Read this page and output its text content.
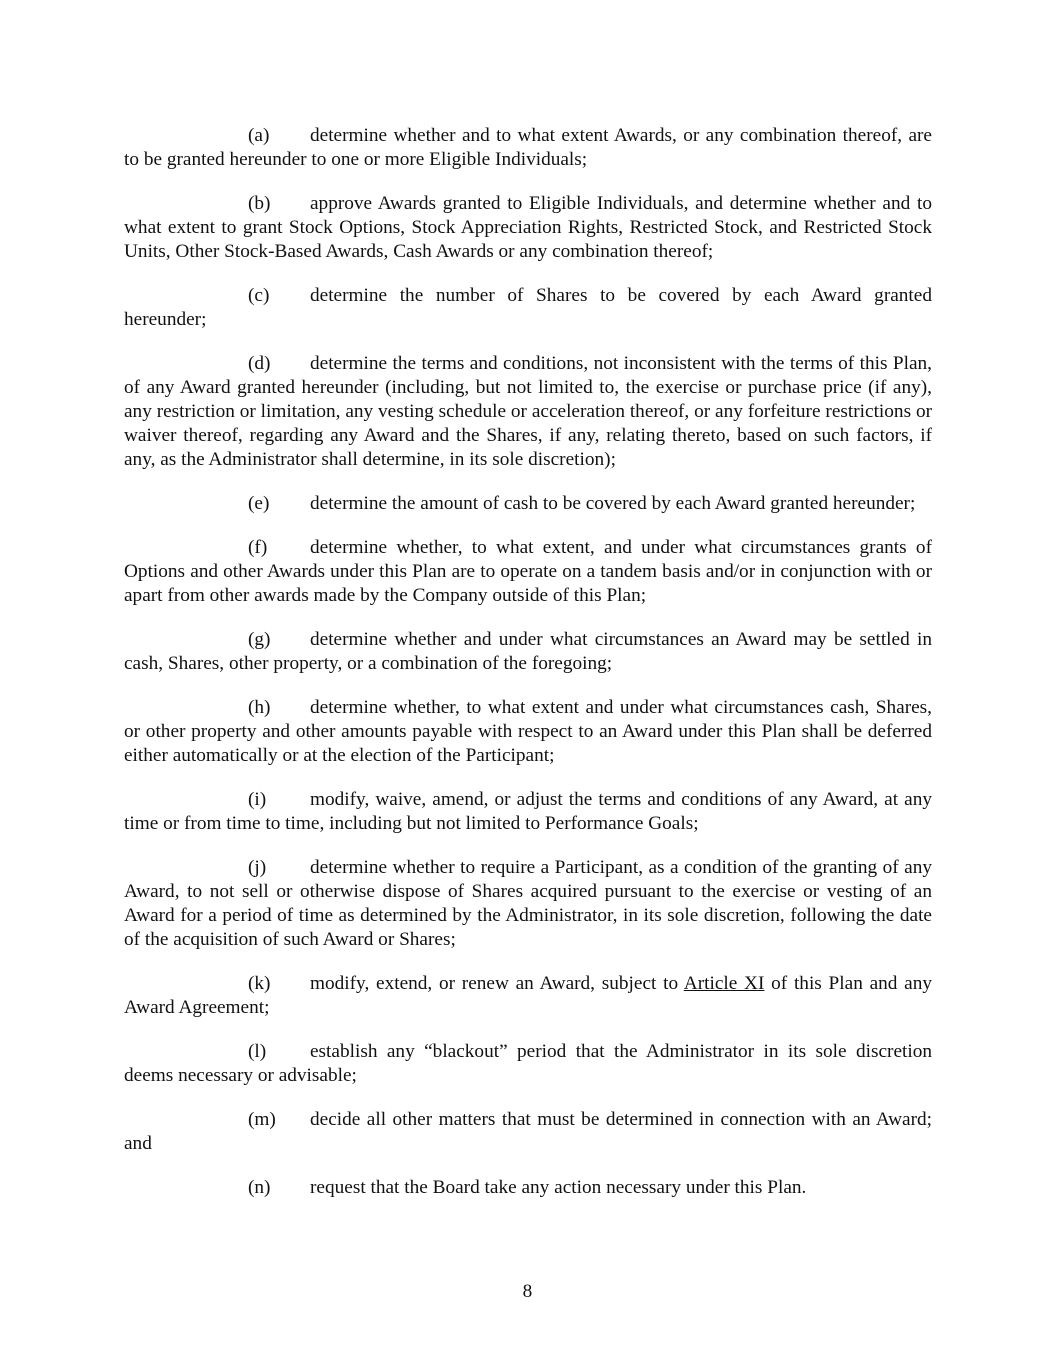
(a) determine whether and to what extent Awards, or any combination thereof, are to be granted hereunder to one or more Eligible Individuals;

(b) approve Awards granted to Eligible Individuals, and determine whether and to what extent to grant Stock Options, Stock Appreciation Rights, Restricted Stock, and Restricted Stock Units, Other Stock-Based Awards, Cash Awards or any combination thereof;

(c) determine the number of Shares to be covered by each Award granted hereunder;

(d) determine the terms and conditions, not inconsistent with the terms of this Plan, of any Award granted hereunder (including, but not limited to, the exercise or purchase price (if any), any restriction or limitation, any vesting schedule or acceleration thereof, or any forfeiture restrictions or waiver thereof, regarding any Award and the Shares, if any, relating thereto, based on such factors, if any, as the Administrator shall determine, in its sole discretion);

(e) determine the amount of cash to be covered by each Award granted hereunder;

(f) determine whether, to what extent, and under what circumstances grants of Options and other Awards under this Plan are to operate on a tandem basis and/or in conjunction with or apart from other awards made by the Company outside of this Plan;

(g) determine whether and under what circumstances an Award may be settled in cash, Shares, other property, or a combination of the foregoing;

(h) determine whether, to what extent and under what circumstances cash, Shares, or other property and other amounts payable with respect to an Award under this Plan shall be deferred either automatically or at the election of the Participant;

(i) modify, waive, amend, or adjust the terms and conditions of any Award, at any time or from time to time, including but not limited to Performance Goals;

(j) determine whether to require a Participant, as a condition of the granting of any Award, to not sell or otherwise dispose of Shares acquired pursuant to the exercise or vesting of an Award for a period of time as determined by the Administrator, in its sole discretion, following the date of the acquisition of such Award or Shares;

(k) modify, extend, or renew an Award, subject to Article XI of this Plan and any Award Agreement;

(l) establish any “blackout” period that the Administrator in its sole discretion deems necessary or advisable;

(m) decide all other matters that must be determined in connection with an Award; and

(n) request that the Board take any action necessary under this Plan.

8
